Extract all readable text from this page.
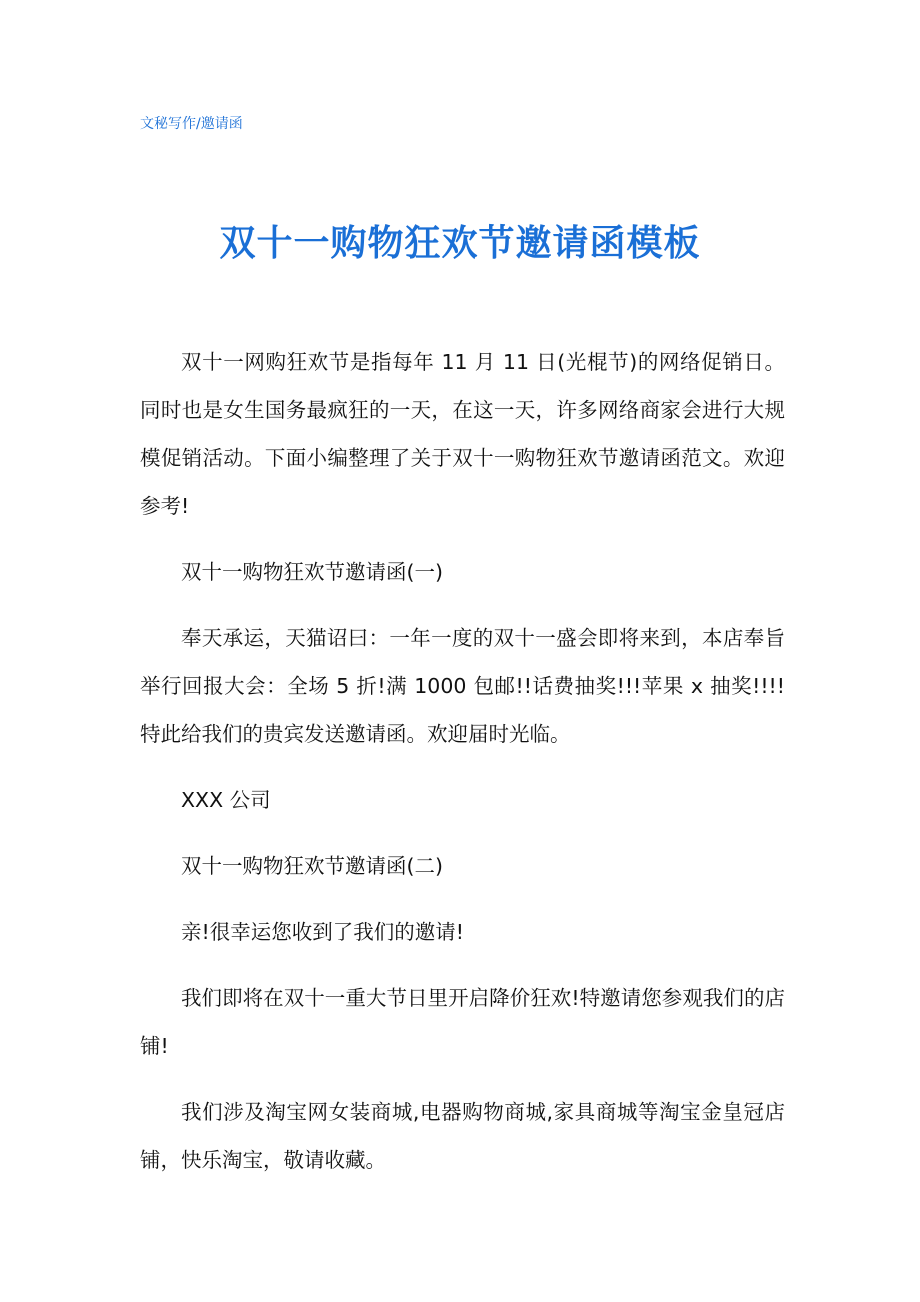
文秘写作/邀请函
双十一购物狂欢节邀请函模板

双十一网购狂欢节是指每年 11 月 11 日(光棍节)的网络促销日。同时也是女生国务最疯狂的一天，在这一天，许多网络商家会进行大规模促销活动。下面小编整理了关于双十一购物狂欢节邀请函范文。欢迎参考!

双十一购物狂欢节邀请函(一)

奉天承运，天猫诏曰：一年一度的双十一盛会即将来到，本店奉旨举行回报大会：全场 5 折!满 1000 包邮!!话费抽奖!!!苹果 x 抽奖!!!!特此给我们的贵宾发送邀请函。欢迎届时光临。

XXX 公司

双十一购物狂欢节邀请函(二)

亲!很幸运您收到了我们的邀请!

我们即将在双十一重大节日里开启降价狂欢!特邀请您参观我们的店铺!

我们涉及淘宝网女装商城,电器购物商城,家具商城等淘宝金皇冠店铺，快乐淘宝，敬请收藏。
